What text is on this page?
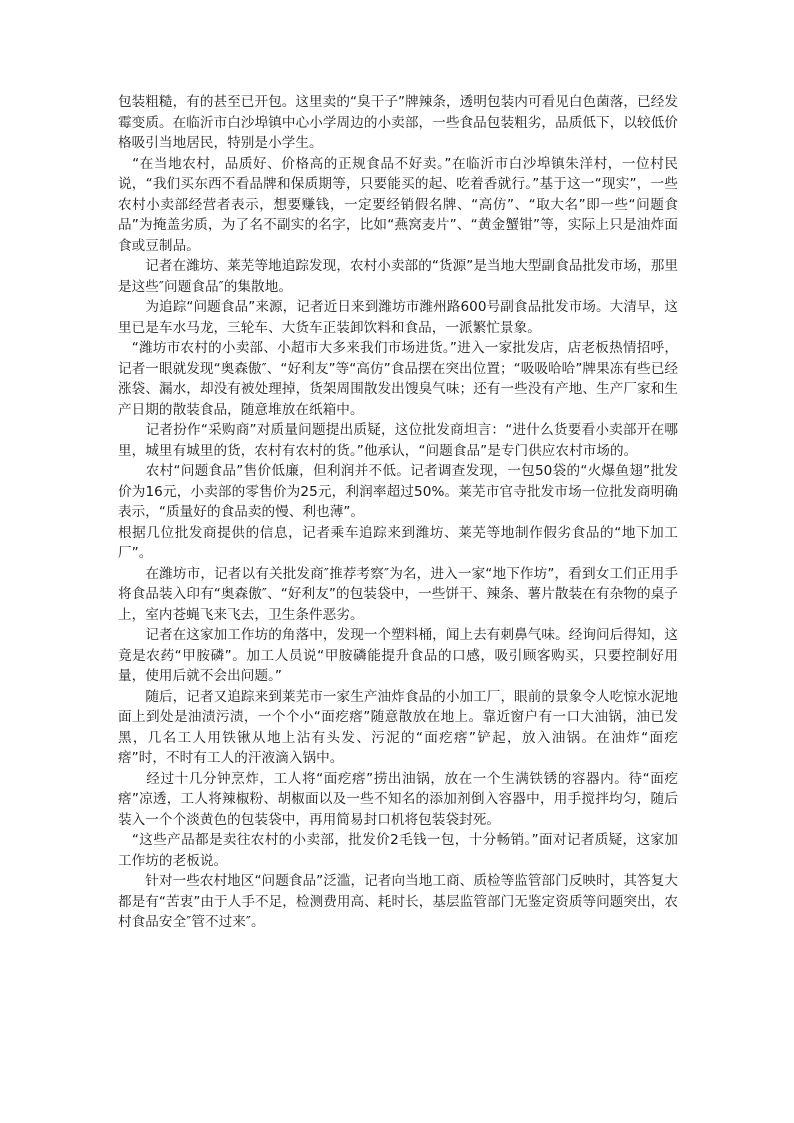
包装粗糙，有的甚至已开包。这里卖的“臭干子”牌辣条，透明包装内可看见白色菌落，已经发霉变质。在临沂市白沙埠镇中心小学周边的小卖部，一些食品包装粗劣，品质低下，以较低价格吸引当地居民，特别是小学生。

　“在当地农村，品质好、价格高的正规食品不好卖。”在临沂市白沙埠镇朱洋村，一位村民说，“我们买东西不看品牌和保质期等，只要能买的起、吃着香就行。”基于这一“现实”，一些农村小卖部经营者表示，想要赚钱，一定要经销假名牌、“高仿”、“取大名”即一些“问题食品”为掩盖劣质，为了名不副实的名字，比如“燕窝麦片”、“黄金蟹钳”等，实际上只是油炸面食或豆制品。

　　记者在潍坊、莱芜等地追踪发现，农村小卖部的“货源”是当地大型副食品批发市场，那里是这些″问题食品″的集散地。

　　为追踪“问题食品”来源，记者近日来到潍坊市潍州路600号副食品批发市场。大清早，这里已是车水马龙，三轮车、大货车正装卸饮料和食品，一派繁忙景象。

　“潍坊市农村的小卖部、小超市大多来我们市场进货。”进入一家批发店，店老板热情招呼，记者一眼就发现“奥森傲″、“好利友”等“高仿”食品摆在突出位置；“吸吸哈哈”牌果冻有些已经涨袋、漏水，却没有被处理掉，货架周围散发出馊臭气味；还有一些没有产地、生产厂家和生产日期的散装食品，随意堆放在纸箱中。

　　记者扮作“采购商”对质量问题提出质疑，这位批发商坦言：“进什么货要看小卖部开在哪里，城里有城里的货，农村有农村的货。”他承认，“问题食品”是专门供应农村市场的。

　　农村“问题食品”售价低廉，但利润并不低。记者调查发现，一包50袋的“火爆鱼翅”批发价为16元，小卖部的零售价为25元，利润率超过50%。莱芜市官寺批发市场一位批发商明确表示，“质量好的食品卖的慢、利也薄”。

根据几位批发商提供的信息，记者乘车追踪来到潍坊、莱芜等地制作假劣食品的“地下加工厂”。

　　在潍坊市，记者以有关批发商″推荐考察″为名，进入一家“地下作坊”，看到女工们正用手将食品装入印有“奥森傲″、“好利友”的包装袋中，一些饼干、辣条、薯片散装在有杂物的桌子上，室内苍蝇飞来飞去，卫生条件恶劣。

　　记者在这家加工作坊的角落中，发现一个塑料桶，闻上去有刺鼻气味。经询问后得知，这竟是农药“甲胺磷”。加工人员说“甲胺磷能提升食品的口感，吸引顾客购买，只要控制好用量，使用后就不会出问题。”

　　随后，记者又追踪来到莱芜市一家生产油炸食品的小加工厂，眼前的景象令人吃惊水泥地面上到处是油渍污渍，一个个小“面疙瘩”随意散放在地上。靠近窗户有一口大油锅，油已发黑，几名工人用铁锹从地上沾有头发、污泥的“面疙瘩”铲起，放入油锅。在油炸“面疙瘩”时，不时有工人的汗液滴入锅中。

　　经过十几分钟烹炸，工人将“面疙瘩”捞出油锅，放在一个生满铁锈的容器内。待“面疙瘩”凉透，工人将辣椒粉、胡椒面以及一些不知名的添加剂倒入容器中，用手搅拌均匀，随后装入一个个淡黄色的包装袋中，再用简易封口机将包装袋封死。

　“这些产品都是卖往农村的小卖部，批发价2毛钱一包，十分畅销。”面对记者质疑，这家加工作坊的老板说。

　　针对一些农村地区“问题食品”泛滥，记者向当地工商、质检等监管部门反映时，其答复大都是有“苦衷”由于人手不足，检测费用高、耗时长，基层监管部门无鉴定资质等问题突出，农村食品安全″管不过来″。
